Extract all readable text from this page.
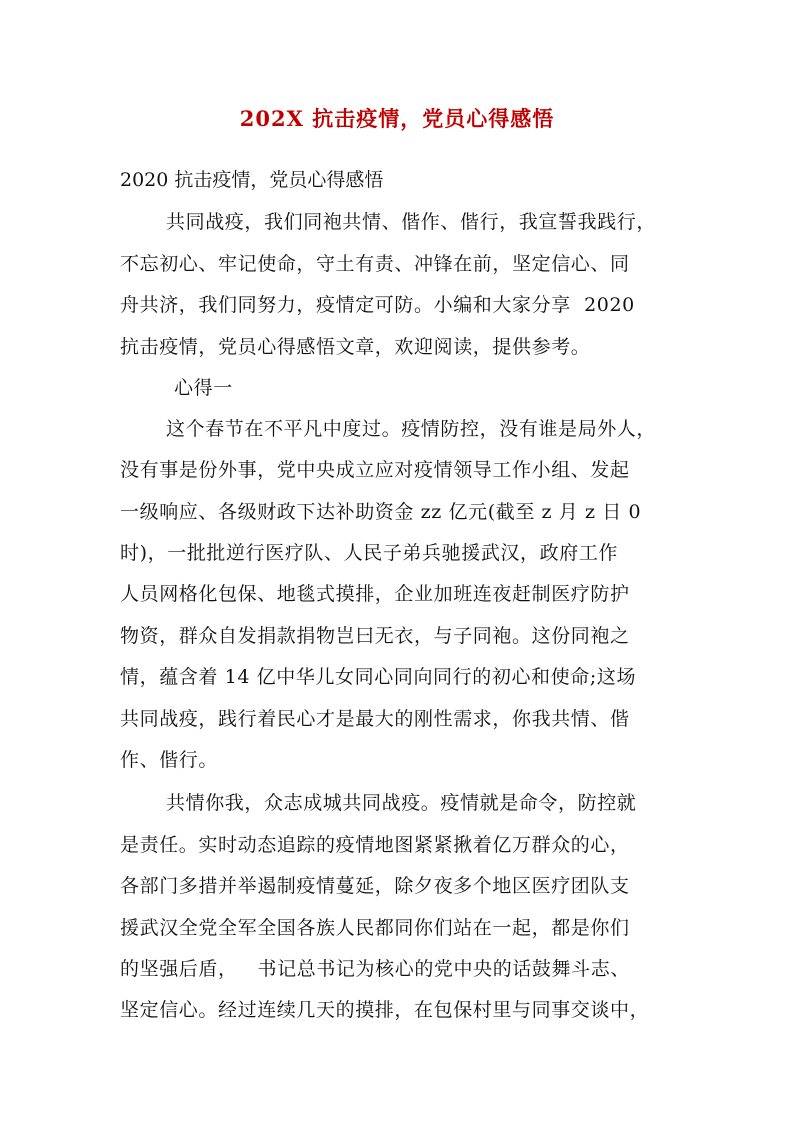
202X 抗击疫情，党员心得感悟
2020 抗击疫情，党员心得感悟
共同战疫，我们同袍共情、偕作、偕行，我宣誓我践行，
不忘初心、牢记使命，守土有责、冲锋在前，坚定信心、同
舟共济，我们同努力，疫情定可防。小编和大家分享  2020
抗击疫情，党员心得感悟文章，欢迎阅读，提供参考。
心得一
这个春节在不平凡中度过。疫情防控，没有谁是局外人，
没有事是份外事，党中央成立应对疫情领导工作小组、发起
一级响应、各级财政下达补助资金 zz 亿元(截至 z 月 z 日 0
时)，一批批逆行医疗队、人民子弟兵驰援武汉，政府工作
人员网格化包保、地毯式摸排，企业加班连夜赶制医疗防护
物资，群众自发捐款捐物岂曰无衣，与子同袍。这份同袍之
情，蕴含着 14 亿中华儿女同心同向同行的初心和使命;这场
共同战疫，践行着民心才是最大的刚性需求，你我共情、偕
作、偕行。
共情你我，众志成城共同战疫。疫情就是命令，防控就
是责任。实时动态追踪的疫情地图紧紧揪着亿万群众的心，
各部门多措并举遏制疫情蔓延，除夕夜多个地区医疗团队支
援武汉全党全军全国各族人民都同你们站在一起，都是你们
的坚强后盾，   书记总书记为核心的党中央的话鼓舞斗志、
坚定信心。经过连续几天的摸排，在包保村里与同事交谈中，
